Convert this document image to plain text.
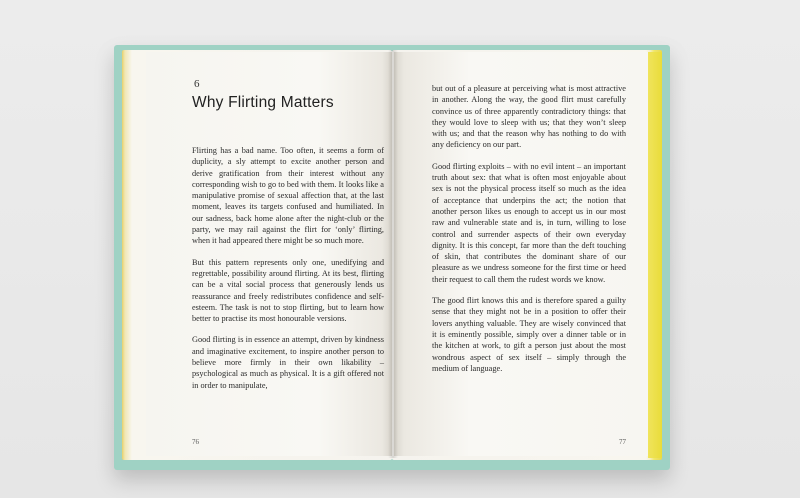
6
Why Flirting Matters

Flirting has a bad name. Too often, it seems a form of duplicity, a sly attempt to excite another person and derive gratification from their interest without any corresponding wish to go to bed with them. It looks like a manipulative promise of sexual affection that, at the last moment, leaves its targets confused and humiliated. In our sadness, back home alone after the night-club or the party, we may rail against the flirt for ‘only’ flirting, when it had appeared there might be so much more.

But this pattern represents only one, unedifying and regrettable, possibility around flirting. At its best, flirting can be a vital social process that generously lends us reassurance and freely redistributes confidence and self-esteem. The task is not to stop flirting, but to learn how better to practise its most honourable versions.

Good flirting is in essence an attempt, driven by kindness and imaginative excitement, to inspire another person to believe more firmly in their own likability – psychological as much as physical. It is a gift offered not in order to manipulate,

76

but out of a pleasure at perceiving what is most attractive in another. Along the way, the good flirt must carefully convince us of three apparently contradictory things: that they would love to sleep with us; that they won’t sleep with us; and that the reason why has nothing to do with any deficiency on our part.

Good flirting exploits – with no evil intent – an important truth about sex: that what is often most enjoyable about sex is not the physical process itself so much as the idea of acceptance that underpins the act; the notion that another person likes us enough to accept us in our most raw and vulnerable state and is, in turn, willing to lose control and surrender aspects of their own everyday dignity. It is this concept, far more than the deft touching of skin, that contributes the dominant share of our pleasure as we undress someone for the first time or heed their request to call them the rudest words we know.

The good flirt knows this and is therefore spared a guilty sense that they might not be in a position to offer their lovers anything valuable. They are wisely convinced that it is eminently possible, simply over a dinner table or in the kitchen at work, to gift a person just about the most wondrous aspect of sex itself – simply through the medium of language.

77
